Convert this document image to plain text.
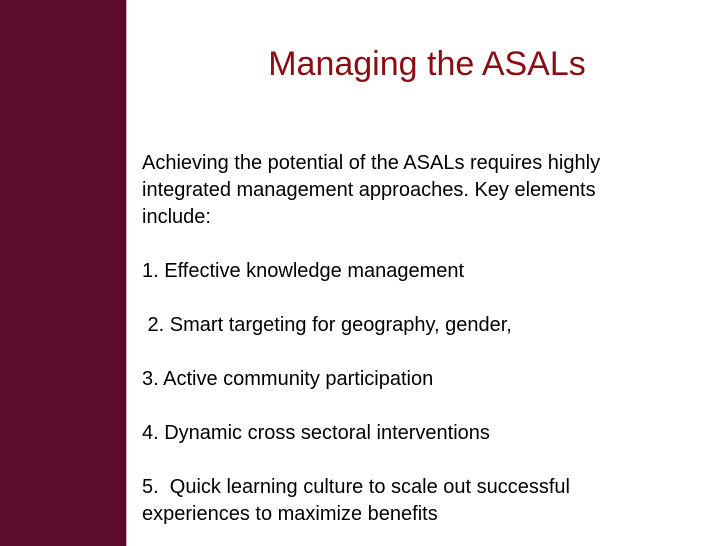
Managing the ASALs

Achieving the potential of the ASALs requires highly

integrated management approaches. Key elements

include:

1. Effective knowledge management

2. Smart targeting for geography, gender,

3. Active community participation

4. Dynamic cross sectoral interventions

5.  Quick learning culture to scale out successful

experiences to maximize benefits
